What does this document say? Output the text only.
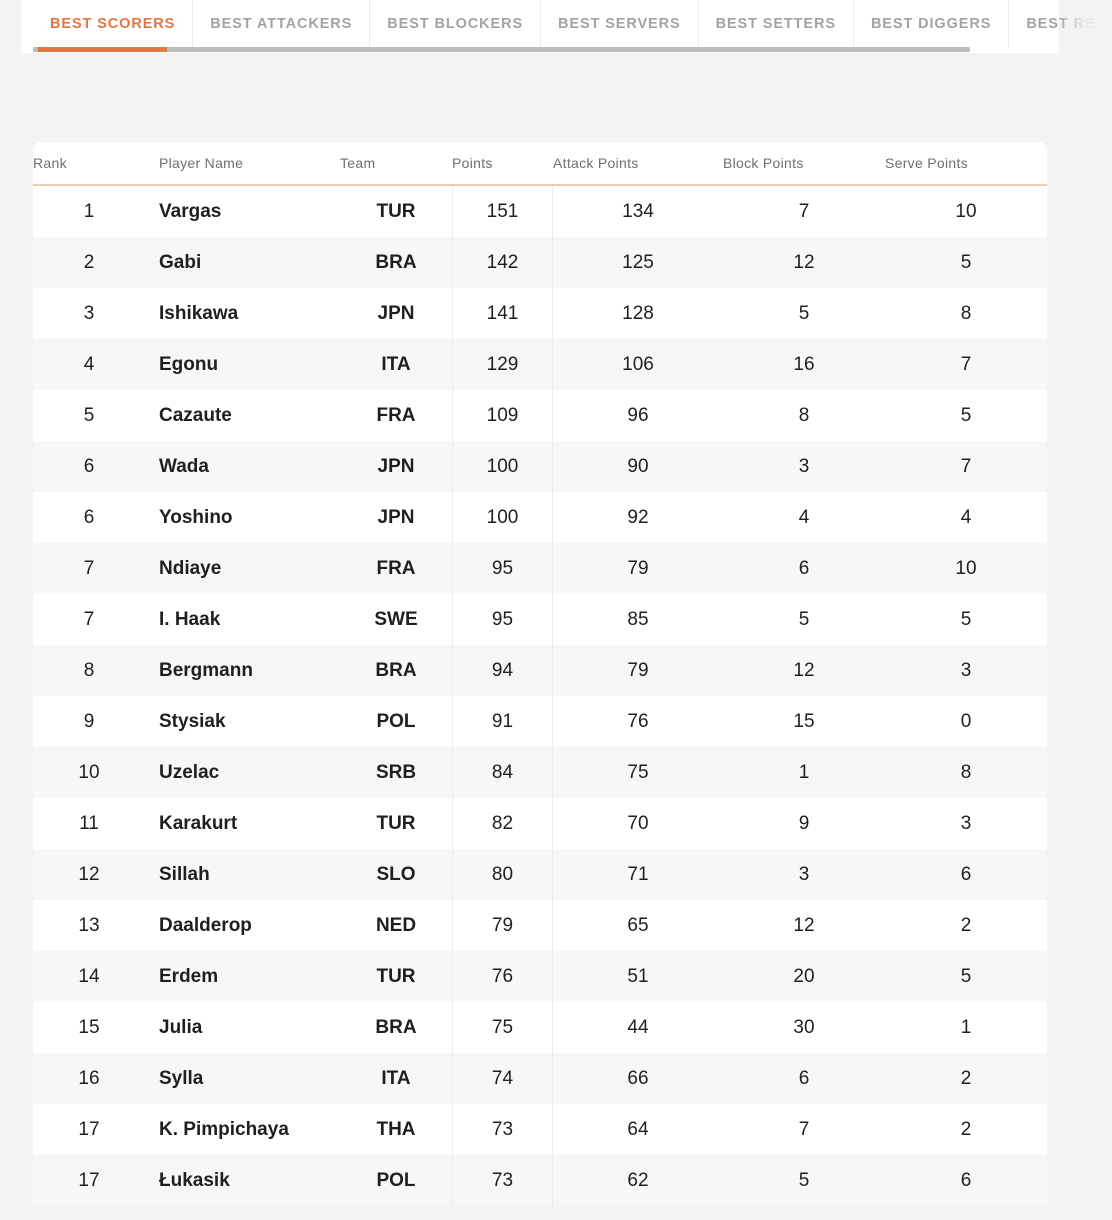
BEST SCORERS BEST ATTACKERS BEST BLOCKERS BEST SERVERS BEST SETTERS BEST DIGGERS BEST RE
Rank	Player Name	Team	Points	Attack Points	Block Points	Serve Points
1	Vargas	TUR	151	134	7	10
2	Gabi	BRA	142	125	12	5
3	Ishikawa	JPN	141	128	5	8
4	Egonu	ITA	129	106	16	7
5	Cazaute	FRA	109	96	8	5
6	Wada	JPN	100	90	3	7
6	Yoshino	JPN	100	92	4	4
7	Ndiaye	FRA	95	79	6	10
7	I. Haak	SWE	95	85	5	5
8	Bergmann	BRA	94	79	12	3
9	Stysiak	POL	91	76	15	0
10	Uzelac	SRB	84	75	1	8
11	Karakurt	TUR	82	70	9	3
12	Sillah	SLO	80	71	3	6
13	Daalderop	NED	79	65	12	2
14	Erdem	TUR	76	51	20	5
15	Julia	BRA	75	44	30	1
16	Sylla	ITA	74	66	6	2
17	K. Pimpichaya	THA	73	64	7	2
17	Łukasik	POL	73	62	5	6
